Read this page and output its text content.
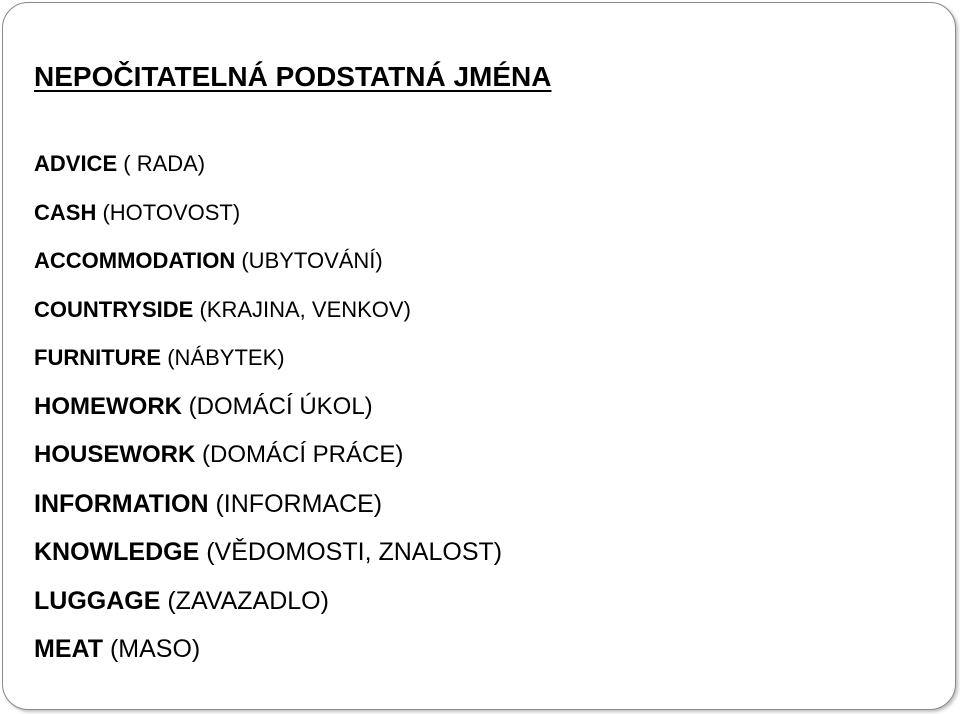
NEPOČITATELNÁ PODSTATNÁ JMÉNA
ADVICE ( RADA)
CASH (HOTOVOST)
ACCOMMODATION (UBYTOVÁNÍ)
COUNTRYSIDE (KRAJINA, VENKOV)
FURNITURE (NÁBYTEK)
HOMEWORK (DOMÁCÍ ÚKOL)
HOUSEWORK (DOMÁCÍ PRÁCE)
INFORMATION (INFORMACE)
KNOWLEDGE (VĚDOMOSTI, ZNALOST)
LUGGAGE (ZAVAZADLO)
MEAT (MASO)
